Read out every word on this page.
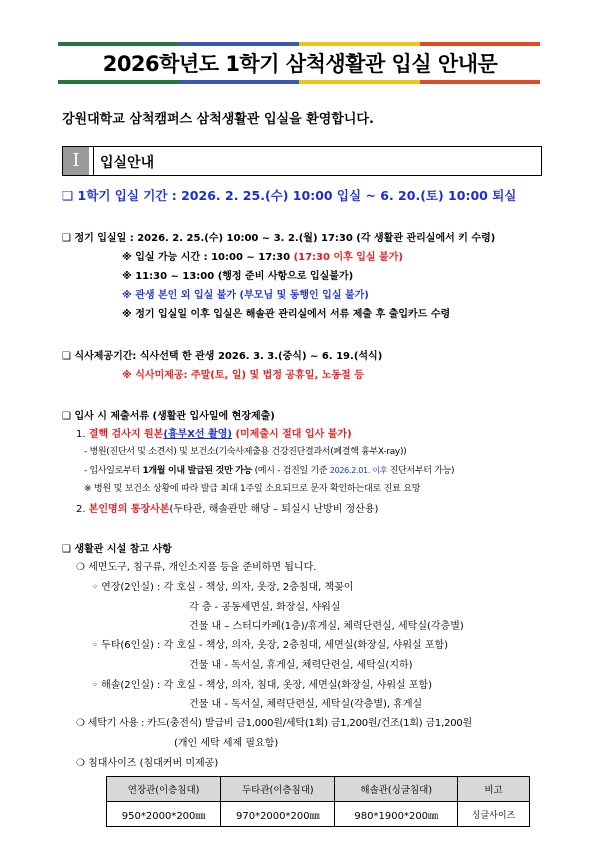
2026학년도 1학기 삼척생활관 입실 안내문
강원대학교 삼척캠퍼스 삼척생활관 입실을 환영합니다.
I	입실안내
❑ 1학기 입실 기간 : 2026. 2. 25.(수) 10:00 입실 ~ 6. 20.(토) 10:00 퇴실
❑ 정기 입실일 : 2026. 2. 25.(수) 10:00 ~ 3. 2.(월) 17:30 (각 생활관 관리실에서 키 수령)
※ 입실 가능 시간 : 10:00 ~ 17:30 (17:30 이후 입실 불가)
※ 11:30 ~ 13:00 (행정 준비 사항으로 입실불가)
※ 관생 본인 외 입실 불가 (부모님 및 동행인 입실 불가)
※ 정기 입실일 이후 입실은 해솔관 관리실에서 서류 제출 후 출입카드 수령
❑ 식사제공기간: 식사선택 한 관생 2026. 3. 3.(중식) ~ 6. 19.(석식)
※ 식사미제공: 주말(토, 일) 및 법정 공휴일, 노동절 등
❑ 입사 시 제출서류 (생활관 입사일에 현장제출)
1. 결핵 검사지 원본(흉부X선 촬영) (미제출시 절대 입사 불가)
- 병원(진단서 및 소견서) 및 보건소(기숙사제출용 건강진단결과서(폐결핵 흉부X-ray))
- 입사일로부터 1개월 이내 발급된 것만 가능 (예시 - 검진일 기준 2026.2.01. 이후 진단서부터 가능)
※ 병원 및 보건소 상황에 따라 발급 최대 1주일 소요되므로 문자 확인하는대로 진료 요망
2. 본인명의 통장사본(두타관, 해솔관만 해당 – 퇴실시 난방비 정산용)
❑ 생활관 시설 참고 사항
❍ 세면도구, 침구류, 개인소지품 등을 준비하면 됩니다.
◦ 연장(2인실) : 각 호실 - 책상, 의자, 옷장, 2층침대, 책꽂이
각 층 - 공동세면실, 화장실, 샤워실
건물 내 – 스터디카페(1층)/휴게실, 체력단련실, 세탁실(각층별)
◦ 두타(6인실) : 각 호실 - 책상, 의자, 옷장, 2층침대, 세면실(화장실, 샤워실 포함)
건물 내 - 독서실, 휴게실, 체력단련실, 세탁실(지하)
◦ 해솔(2인실) : 각 호실 - 책상, 의자, 침대, 옷장, 세면실(화장실, 샤워실 포함)
건물 내 - 독서실, 체력단련실, 세탁실(각층별), 휴게실
❍ 세탁기 사용 : 카드(충전식) 발급비 금1,000원/세탁(1회) 금1,200원/건조(1회) 금1,200원
(개인 세탁 세제 필요함)
❍ 침대사이즈 (침대커버 미제공)
연장관(이층침대)	두타관(이층침대)	해솔관(싱글침대)	비고
950*2000*200㎜	970*2000*200㎜	980*1900*200㎜	싱글사이즈
